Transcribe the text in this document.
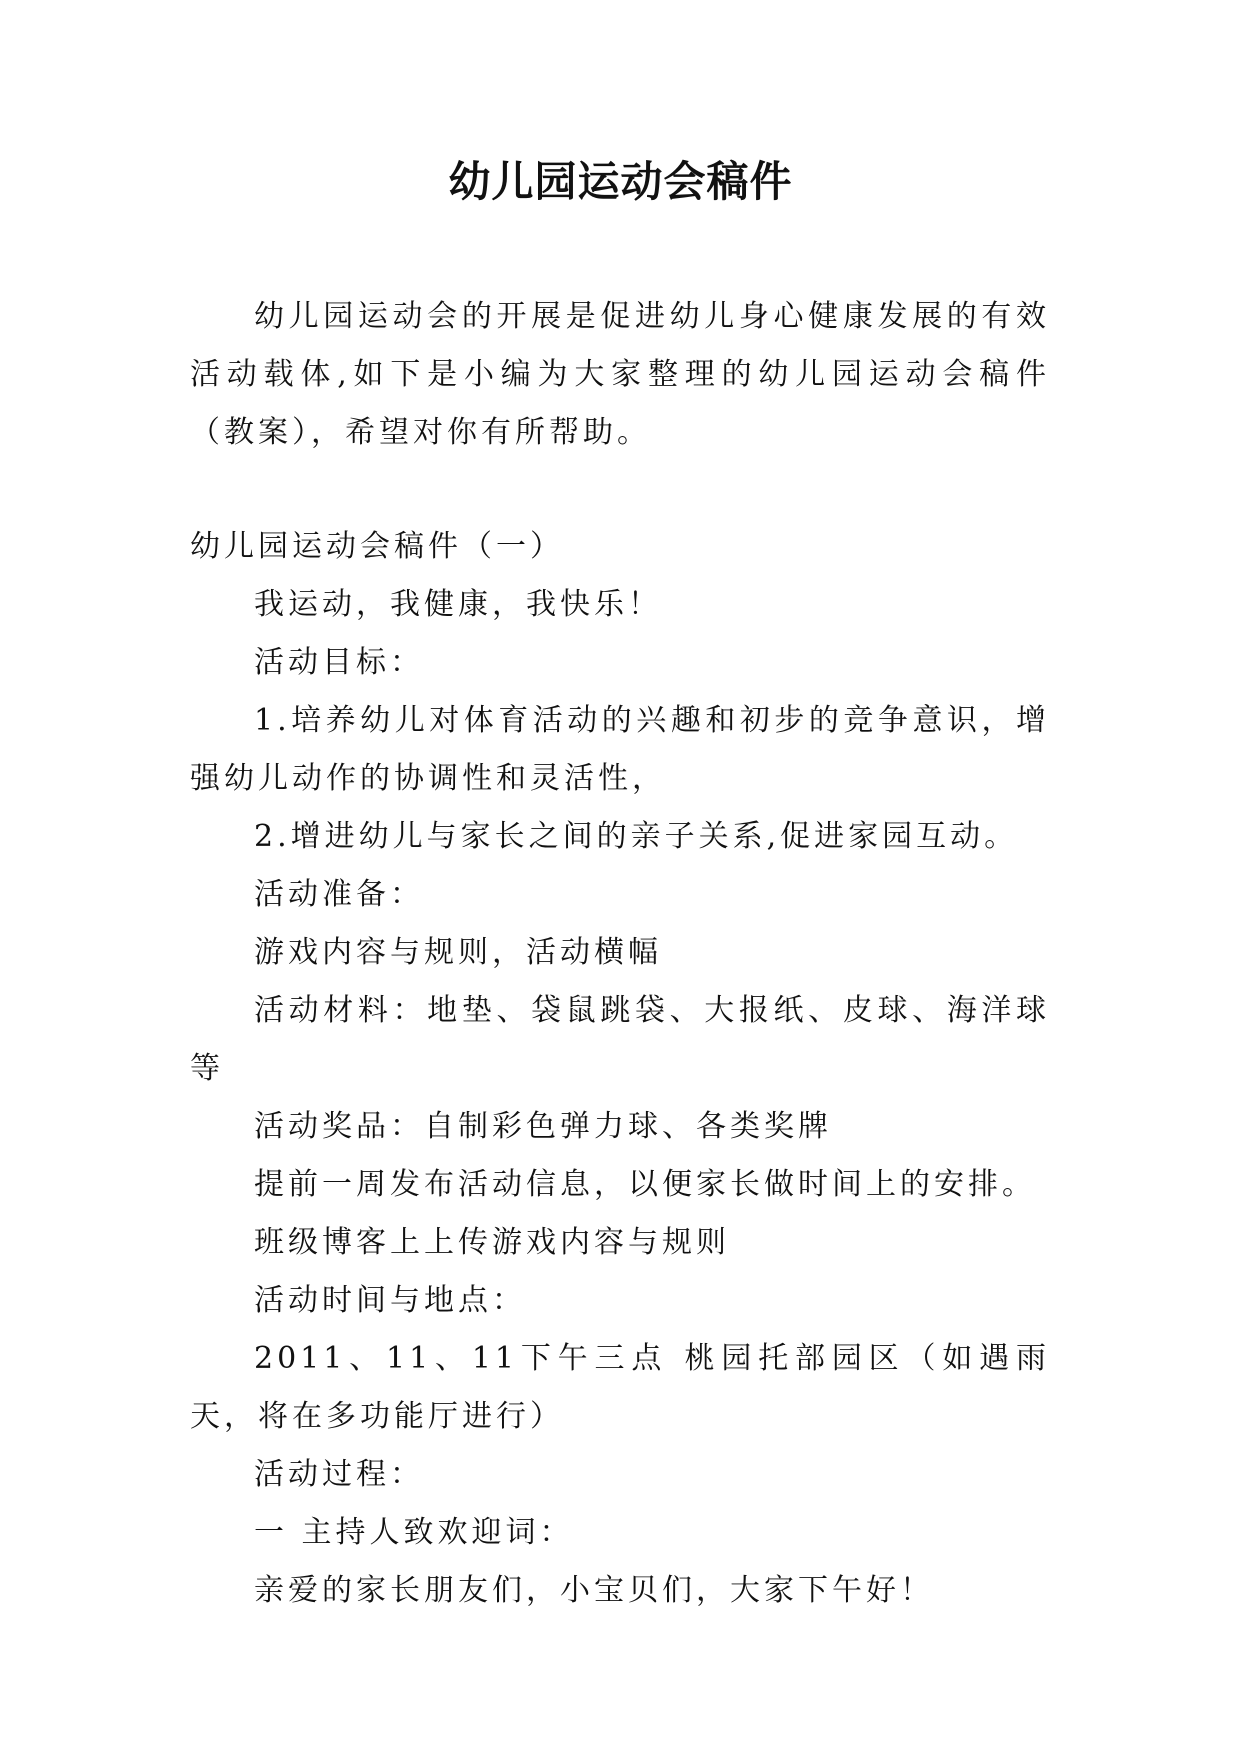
幼儿园运动会稿件

幼儿园运动会的开展是促进幼儿身心健康发展的有效活动载体,如下是小编为大家整理的幼儿园运动会稿件（教案），希望对你有所帮助。

幼儿园运动会稿件（一）

我运动，我健康，我快乐！

活动目标：

1.培养幼儿对体育活动的兴趣和初步的竞争意识，增强幼儿动作的协调性和灵活性，

2.增进幼儿与家长之间的亲子关系,促进家园互动。

活动准备：

游戏内容与规则，活动横幅

活动材料：地垫、袋鼠跳袋、大报纸、皮球、海洋球等

活动奖品：自制彩色弹力球、各类奖牌

提前一周发布活动信息，以便家长做时间上的安排。

班级博客上上传游戏内容与规则

活动时间与地点：

2011、11、11下午三点 桃园托部园区（如遇雨天，将在多功能厅进行）

活动过程：

一 主持人致欢迎词：

亲爱的家长朋友们，小宝贝们，大家下午好！
